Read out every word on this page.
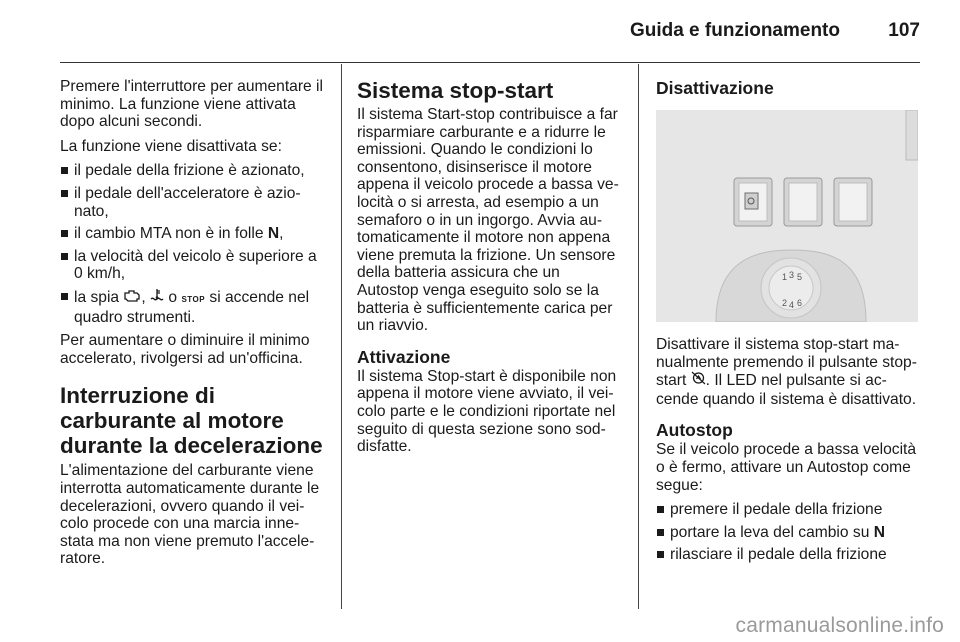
Guida e funzionamento	107

Premere l'interruttore per aumentare il minimo. La funzione viene attivata dopo alcuni secondi.

La funzione viene disattivata se:

il pedale della frizione è azionato,
il pedale dell'acceleratore è azio-nato,
il cambio MTA non è in folle N,
la velocità del veicolo è superiore a 0 km/h,
la spia ,  o STOP si accende nel quadro strumenti.

Per aumentare o diminuire il minimo accelerato, rivolgersi ad un'officina.

Interruzione di carburante al motore durante la decelerazione

L'alimentazione del carburante viene interrotta automaticamente durante le decelerazioni, ovvero quando il vei-colo procede con una marcia inne-stata ma non viene premuto l'accele-ratore.

Sistema stop-start

Il sistema Start-stop contribuisce a far risparmiare carburante e a ridurre le emissioni. Quando le condizioni lo consentono, disinserisce il motore appena il veicolo procede a bassa ve-locità o si arresta, ad esempio a un semaforo o in un ingorgo. Avvia au-tomaticamente il motore non appena viene premuta la frizione. Un sensore della batteria assicura che un Autostop venga eseguito solo se la batteria è sufficientemente carica per un riavvio.

Attivazione

Il sistema Stop-start è disponibile non appena il motore viene avviato, il vei-colo parte e le condizioni riportate nel seguito di questa sezione sono sod-disfatte.

Disattivazione
1 3 5
2 4 6

Disattivare il sistema stop-start ma-nualmente premendo il pulsante stop-start . Il LED nel pulsante si ac-cende quando il sistema è disattivato.

Autostop

Se il veicolo procede a bassa velocità o è fermo, attivare un Autostop come segue:

premere il pedale della frizione
portare la leva del cambio su N
rilasciare il pedale della frizione
carmanualsonline.info
